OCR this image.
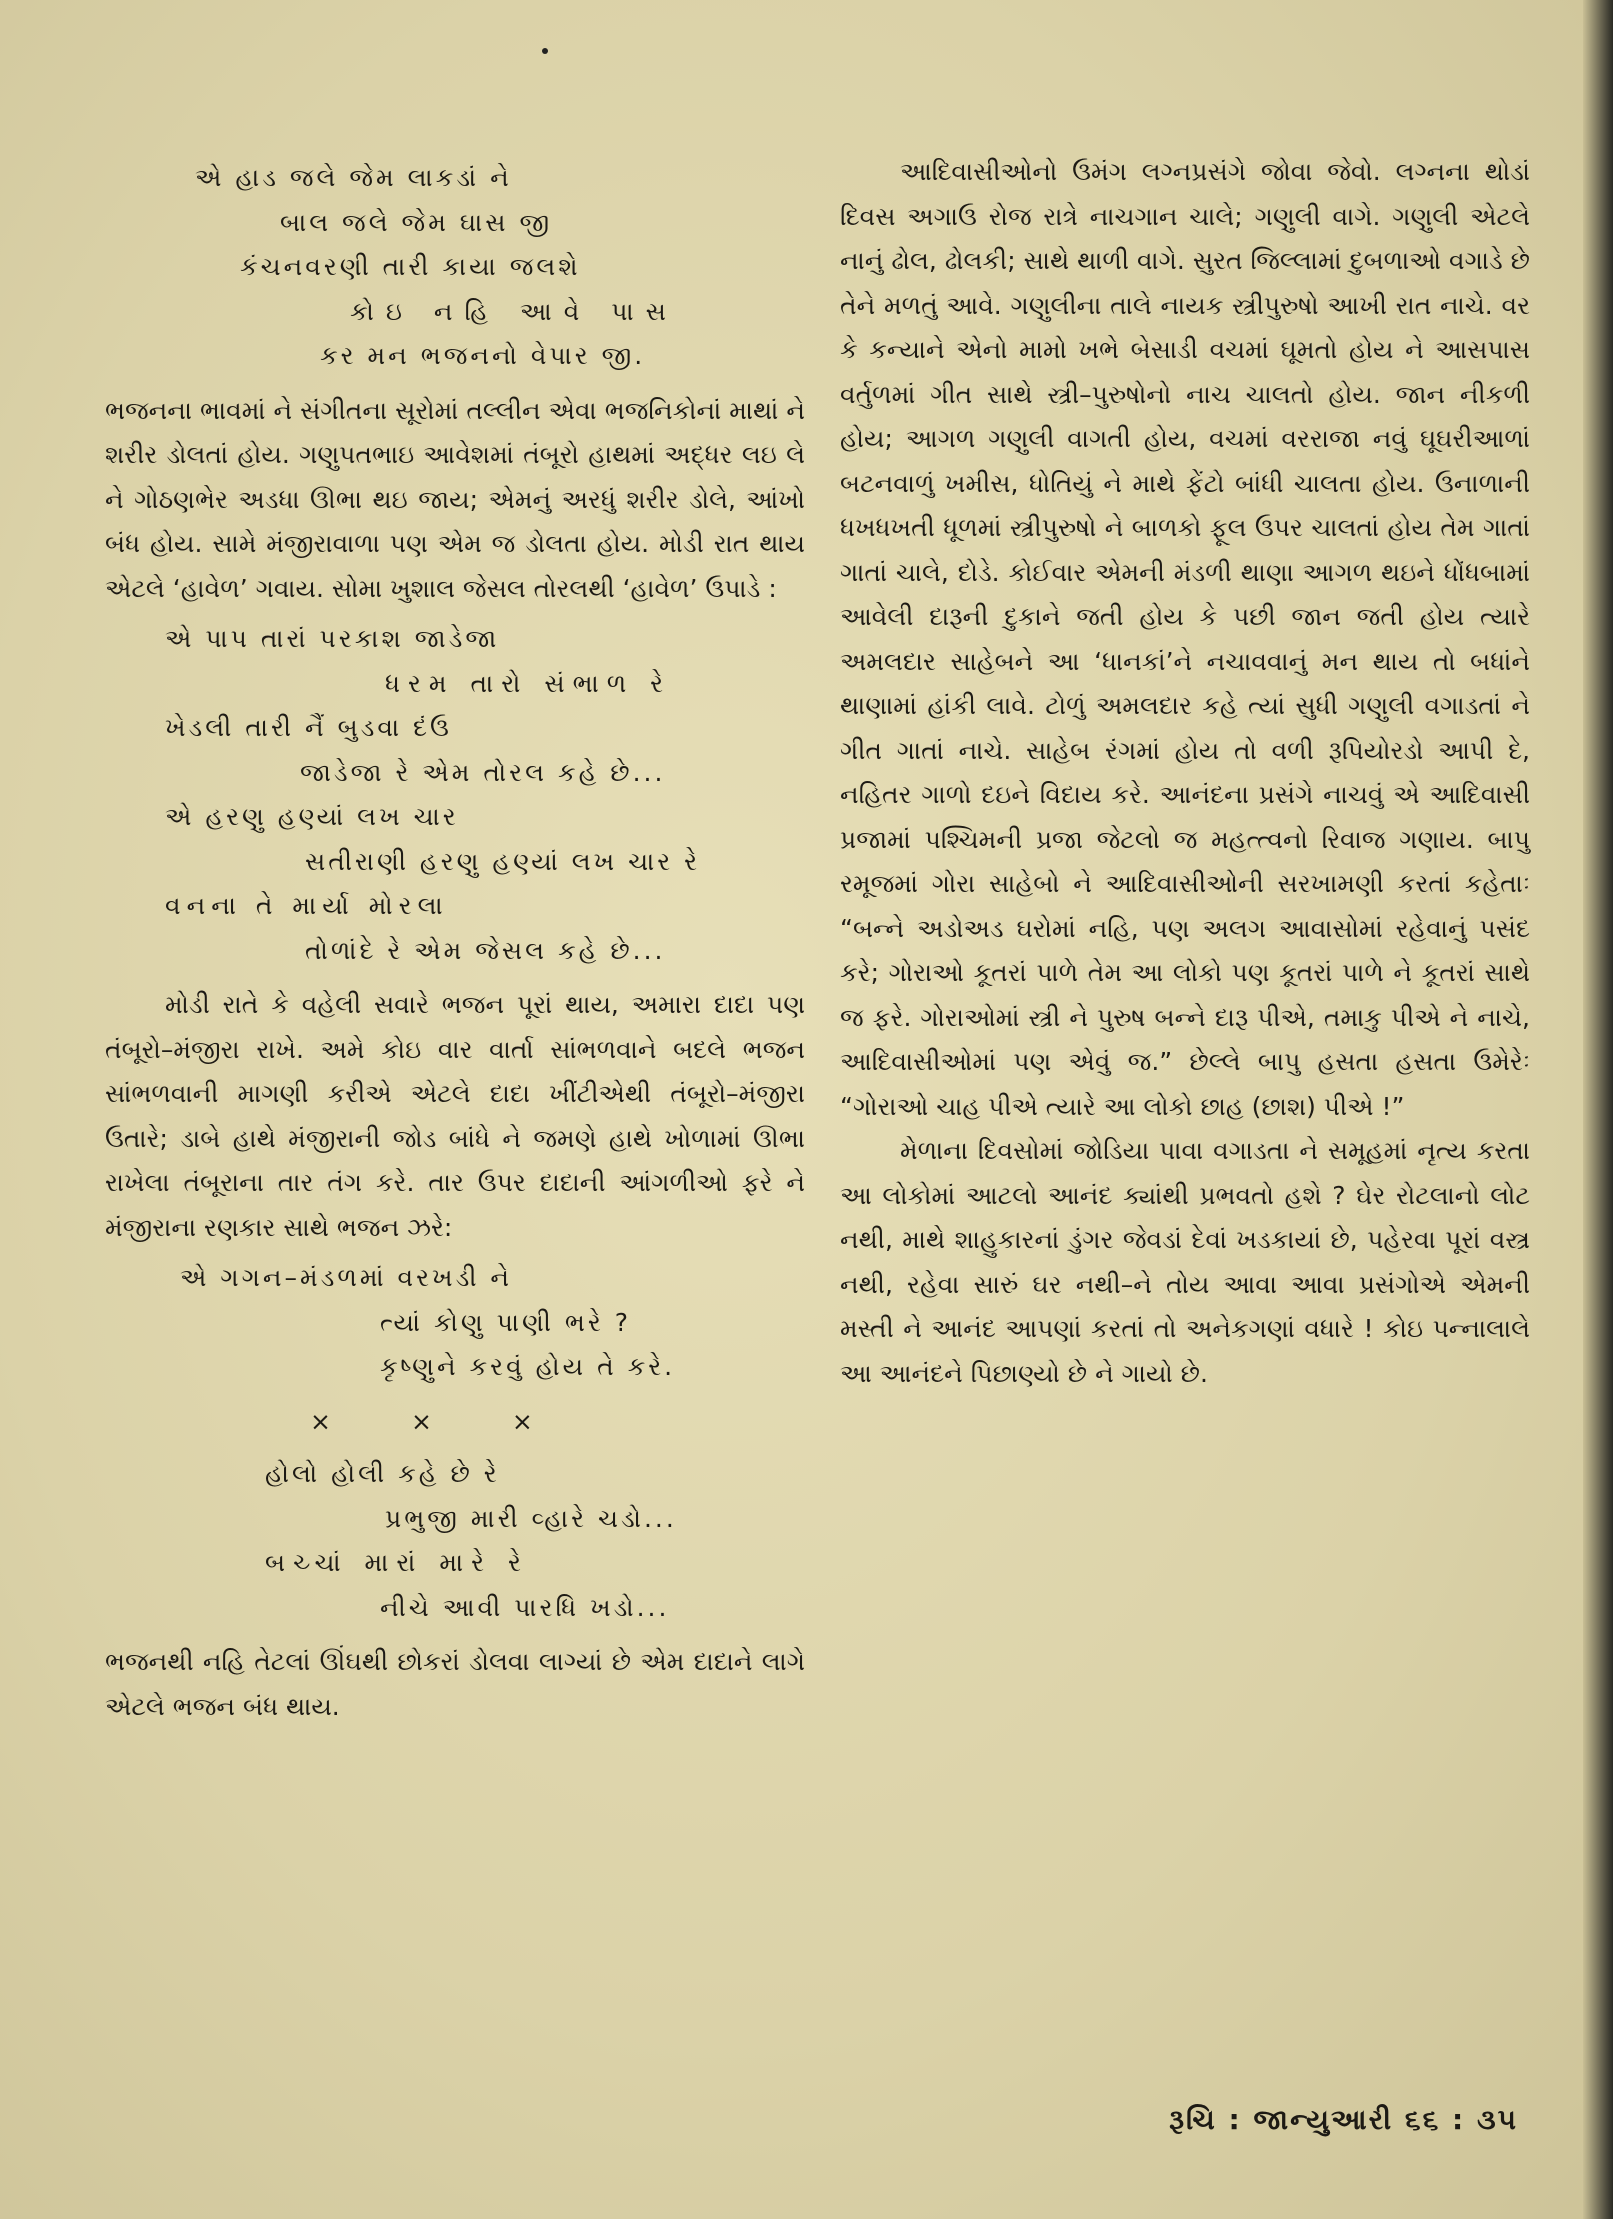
એ હાડ જલે જેમ લાકડાં ને
બાલ જલે જેમ ઘાસ જી
કંચનવરણી તારી કાયા જલશે
કોઇ નહિ આવે પાસ
કર મન ભજનનો વેપાર જી.

ભજનના ભાવમાં ને સંગીતના સૂરોમાં તલ્લીન એવા ભજનિકોનાં માથાં ને શરીર ડોલતાં હોય. ગણુપતભાઇ આવેશમાં તંબૂરો હાથમાં અદ્ધર લઇ લે ને ગોઠણભેર અડધા ઊભા થઇ જાય; એમનું અરધું શરીર ડોલે, આંખો બંધ હોય. સામે મંજીરાવાળા પણ એમ જ ડોલતા હોય. મોડી રાત થાય એટલે ‘હાવેળ’ ગવાય. સોમા ખુશાલ જેસલ તોરલથી ‘હાવેળ’ ઉપાડે :

એ પાપ તારાં પરકાશ જાડેજા
ધરમ તારો સંભાળ રે
ખેડલી તારી નૈં બુડવા દંઉ
જાડેજા રે એમ તોરલ કહે છે...
એ હરણુ હણ્યાં લખ ચાર
સતીરાણી હરણુ હણ્યાં લખ ચાર રે
વનના તે માર્યા મોરલા
તોળાંદે રે એમ જેસલ કહે છે...

મોડી રાતે કે વહેલી સવારે ભજન પૂરાં થાય, અમારા દાદા પણ તંબૂરો–મંજીરા રાખે. અમે કોઇ વાર વાર્તા સાંભળવાને બદલે ભજન સાંભળવાની માગણી કરીએ એટલે દાદા ખીંટીએથી તંબૂરો–મંજીરા ઉતારે; ડાબે હાથે મંજીરાની જોડ બાંધે ને જમણે હાથે ખોળામાં ઊભા રાખેલા તંબૂરાના તાર તંગ કરે. તાર ઉપર દાદાની આંગળીઓ ફરે ને મંજીરાના રણકાર સાથે ભજન ઝરે:

એ ગગન–મંડળમાં વરખડી ને
ત્યાં કોણુ પાણી ભરે ?
કૃષ્ણુને કરવું હોય તે કરે.
×××
હોલો હોલી કહે છે રે
પ્રભુજી મારી વ્હારે ચડો...
બચ્ચાં મારાં મારે રે
નીચે આવી પારધિ ખડો...

ભજનથી નહિ તેટલાં ઊંઘથી છોકરાં ડોલવા લાગ્યાં છે એમ દાદાને લાગે એટલે ભજન બંધ થાય.

આદિવાસીઓનો ઉમંગ લગ્નપ્રસંગે જોવા જેવો. લગ્નના થોડાં દિવસ અગાઉ રોજ રાત્રે નાચગાન ચાલે; ગણુલી વાગે. ગણુલી એટલે નાનું ઢોલ, ઢોલકી; સાથે થાળી વાગે. સુરત જિલ્લામાં દુબળાઓ વગાડે છે તેને મળતું આવે. ગણુલીના તાલે નાયક સ્ત્રીપુરુષો આખી રાત નાચે. વર કે કન્યાને એનો મામો ખભે બેસાડી વચમાં ઘૂમતો હોય ને આસપાસ વર્તુળમાં ગીત સાથે સ્ત્રી–પુરુષોનો નાચ ચાલતો હોય. જાન નીકળી હોય; આગળ ગણુલી વાગતી હોય, વચમાં વરરાજા નવું ઘૂઘરીઆળાં બટનવાળું ખમીસ, ધોતિયું ને માથે ફેંટો બાંધી ચાલતા હોય. ઉનાળાની ધખધખતી ધૂળમાં સ્ત્રીપુરુષો ને બાળકો ફૂલ ઉપર ચાલતાં હોય તેમ ગાતાં ગાતાં ચાલે, દોડે. કોઈવાર એમની મંડળી થાણા આગળ થઇને ધોંધબામાં આવેલી દારૂની દુકાને જતી હોય કે પછી જાન જતી હોય ત્યારે અમલદાર સાહેબને આ ‘ધાનકાં’ને નચાવવાનું મન થાય તો બધાંને થાણામાં હાંકી લાવે. ટોળું અમલદાર કહે ત્યાં સુધી ગણુલી વગાડતાં ને ગીત ગાતાં નાચે. સાહેબ રંગમાં હોય તો વળી રૂપિયોરડો આપી દે, નહિતર ગાળો દઇને વિદાય કરે. આનંદના પ્રસંગે નાચવું એ આદિવાસી પ્રજામાં પશ્ચિમની પ્રજા જેટલો જ મહત્ત્વનો રિવાજ ગણાય. બાપુ રમૂજમાં ગોરા સાહેબો ને આદિવાસીઓની સરખામણી કરતાં કહેતાઃ “બન્ને અડોઅડ ઘરોમાં નહિ, પણ અલગ આવાસોમાં રહેવાનું પસંદ કરે; ગોરાઓ કૂતરાં પાળે તેમ આ લોકો પણ કૂતરાં પાળે ને કૂતરાં સાથે જ ફરે. ગોરાઓમાં સ્ત્રી ને પુરુષ બન્ને દારૂ પીએ, તમાકુ પીએ ને નાચે, આદિવાસીઓમાં પણ એવું જ.” છેલ્લે બાપુ હસતા હસતા ઉમેરેઃ “ગોરાઓ ચાહ પીએ ત્યારે આ લોકો છાહ (છાશ) પીએ !”

મેળાના દિવસોમાં જોડિયા પાવા વગાડતા ને સમૂહમાં નૃત્ય કરતા આ લોકોમાં આટલો આનંદ ક્યાંથી પ્રભવતો હશે ? ઘેર રોટલાનો લોટ નથી, માથે શાહુકારનાં ડુંગર જેવડાં દેવાં ખડકાયાં છે, પહેરવા પૂરાં વસ્ત્ર નથી, રહેવા સારું ઘર નથી–ને તોય આવા આવા પ્રસંગોએ એમની મસ્તી ને આનંદ આપણાં કરતાં તો અનેકગણાં વધારે ! કોઇ પન્નાલાલે આ આનંદને પિછાણ્યો છે ને ગાયો છે.

રૂચિ : જાન્યુઆરી ૬૬ : ૩૫
